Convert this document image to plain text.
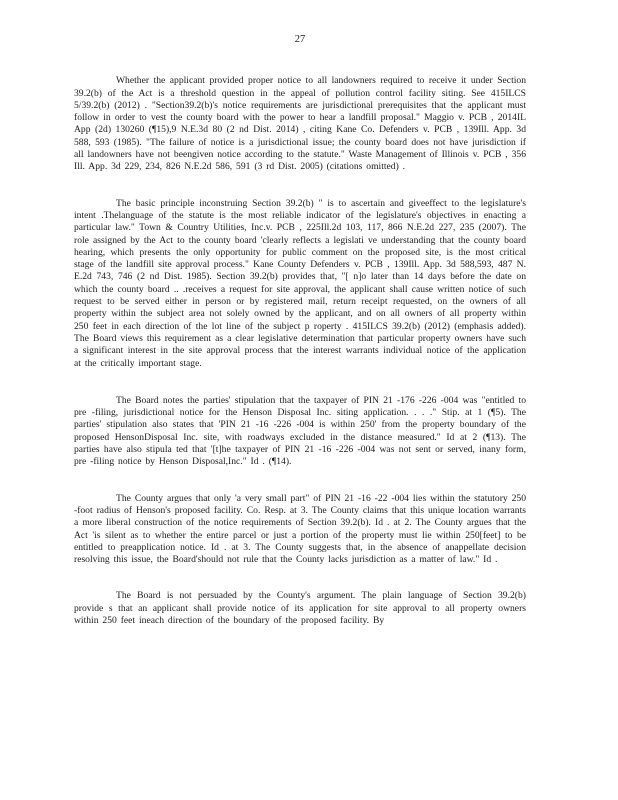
27

Whether the applicant provided proper notice to all landowners required to receive it under Section 39.2(b) of the Act is a threshold question in the appeal of pollution control facility siting. See 415ILCS 5/39.2(b) (2012) . "Section39.2(b)'s notice requirements are jurisdictional prerequisites that the applicant must follow in order to vest the county board with the power to hear a landfill proposal." Maggio v. PCB , 2014IL App (2d) 130260 (¶15),9 N.E.3d 80 (2 nd Dist. 2014) , citing Kane Co. Defenders v. PCB , 139Ill. App. 3d 588, 593 (1985). "The failure of notice is a jurisdictional issue; the county board does not have jurisdiction if all landowners have not beengiven notice according to the statute." Waste Management of Illinois v. PCB , 356 Ill. App. 3d 229, 234, 826 N.E.2d 586, 591 (3 rd Dist. 2005) (citations omitted) .

The basic principle inconstruing Section 39.2(b) " is to ascertain and giveeffect to the legislature's intent .Thelanguage of the statute is the most reliable indicator of the legislature's objectives in enacting a particular law." Town & Country Utilities, Inc.v. PCB , 225Ill.2d 103, 117, 866 N.E.2d 227, 235 (2007). The role assigned by the Act to the county board 'clearly reflects a legislati ve understanding that the county board hearing, which presents the only opportunity for public comment on the proposed site, is the most critical stage of the landfill site approval process." Kane County Defenders v. PCB , 139Ill. App. 3d 588,593, 487 N. E.2d 743, 746 (2 nd Dist. 1985). Section 39.2(b) provides that, "[ n]o later than 14 days before the date on which the county board .. .receives a request for site approval, the applicant shall cause written notice of such request to be served either in person or by registered mail, return receipt requested, on the owners of all property within the subject area not solely owned by the applicant, and on all owners of all property within 250 feet in each direction of the lot line of the subject p roperty . 415ILCS 39.2(b) (2012) (emphasis added). The Board views this requirement as a clear legislative determination that particular property owners have such a significant interest in the site approval process that the interest warrants individual notice of the application at the critically important stage.

The Board notes the parties' stipulation that the taxpayer of PIN 21 -176 -226 -004 was "entitled to pre -filing, jurisdictional notice for the Henson Disposal Inc. siting application. . . ." Stip. at 1 (¶5). The parties' stipulation also states that 'PIN 21 -16 -226 -004 is within 250' from the property boundary of the proposed HensonDisposal Inc. site, with roadways excluded in the distance measured." Id at 2 (¶13). The parties have also stipula ted that '[t]he taxpayer of PIN 21 -16 -226 -004 was not sent or served, inany form, pre -filing notice by Henson Disposal,Inc." Id . (¶14).

The County argues that only 'a very small part" of PIN 21 -16 -22 -004 lies within the statutory 250 -foot radius of Henson's proposed facility. Co. Resp. at 3. The County claims that this unique location warrants a more liberal construction of the notice requirements of Section 39.2(b). Id . at 2. The County argues that the Act 'is silent as to whether the entire parcel or just a portion of the property must lie within 250[feet] to be entitled to preapplication notice. Id . at 3. The County suggests that, in the absence of anappellate decision resolving this issue, the Board'should not rule that the County lacks jurisdiction as a matter of law." Id .

The Board is not persuaded by the County's argument. The plain language of Section 39.2(b) provide s that an applicant shall provide notice of its application for site approval to all property owners within 250 feet ineach direction of the boundary of the proposed facility. By
